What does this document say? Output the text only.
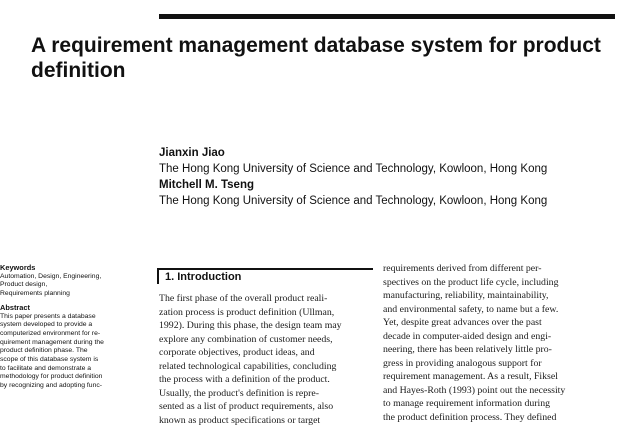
A requirement management database system for product definition
Jianxin Jiao
The Hong Kong University of Science and Technology, Kowloon, Hong Kong
Mitchell M. Tseng
The Hong Kong University of Science and Technology, Kowloon, Hong Kong
Keywords
Automation, Design, Engineering,
Product design,
Requirements planning
Abstract
This paper presents a database
system developed to provide a
computerized environment for re-
quirement management during the
product definition phase. The
scope of this database system is
to facilitate and demonstrate a
methodology for product definition
by recognizing and adopting func-
1. Introduction
The first phase of the overall product reali-
zation process is product definition (Ullman,
1992). During this phase, the design team may
explore any combination of customer needs,
corporate objectives, product ideas, and
related technological capabilities, concluding
the process with a definition of the product.
Usually, the product's definition is repre-
sented as a list of product requirements, also
known as product specifications or target
requirements derived from different per-
spectives on the product life cycle, including
manufacturing, reliability, maintainability,
and environmental safety, to name but a few.
Yet, despite great advances over the past
decade in computer-aided design and engi-
neering, there has been relatively little pro-
gress in providing analogous support for
requirement management. As a result, Fiksel
and Hayes-Roth (1993) point out the necessity
to manage requirement information during
the product definition process. They defined
